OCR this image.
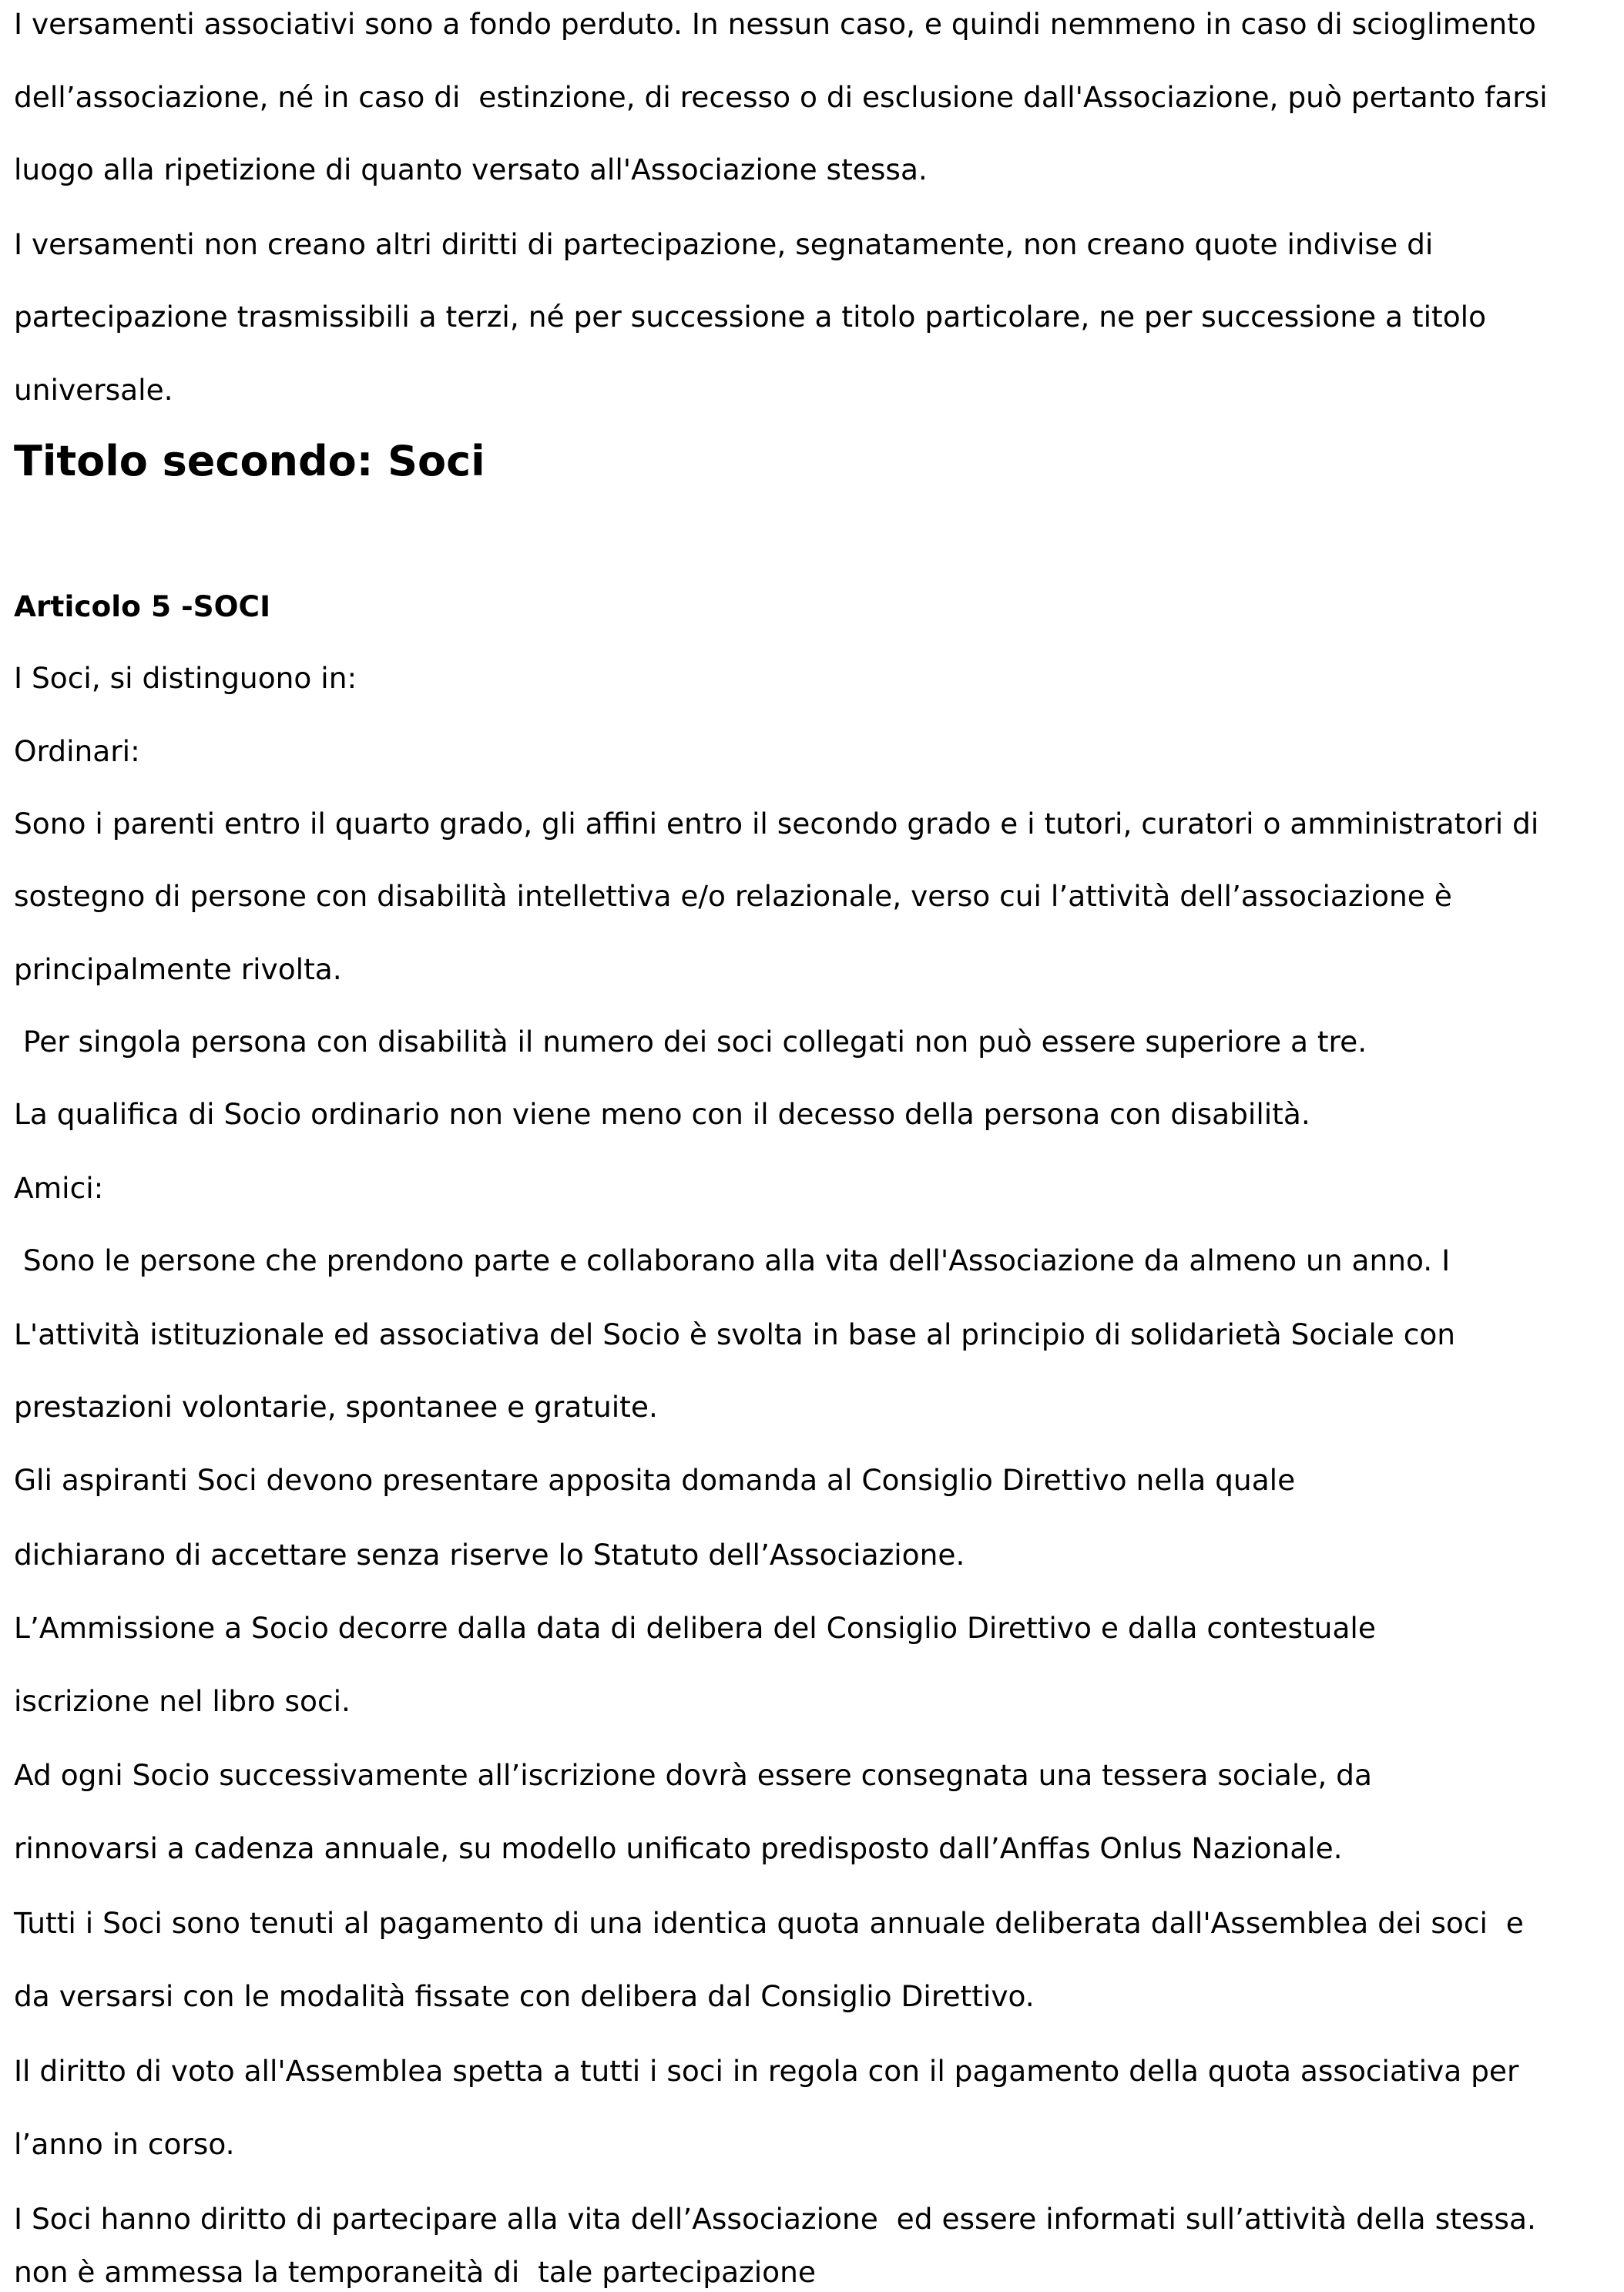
I versamenti associativi sono a fondo perduto. In nessun caso, e quindi nemmeno in caso di scioglimento

dell’associazione, né in caso di  estinzione, di recesso o di esclusione dall'Associazione, può pertanto farsi

luogo alla ripetizione di quanto versato all'Associazione stessa.

I versamenti non creano altri diritti di partecipazione, segnatamente, non creano quote indivise di

partecipazione trasmissibili a terzi, né per successione a titolo particolare, ne per successione a titolo

universale.

Titolo secondo: Soci
Articolo 5 -SOCI

I Soci, si distinguono in:

Ordinari:

Sono i parenti entro il quarto grado, gli affini entro il secondo grado e i tutori, curatori o amministratori di

sostegno di persone con disabilità intellettiva e/o relazionale, verso cui l’attività dell’associazione è

principalmente rivolta.

Per singola persona con disabilità il numero dei soci collegati non può essere superiore a tre.

La qualifica di Socio ordinario non viene meno con il decesso della persona con disabilità.

Amici:

Sono le persone che prendono parte e collaborano alla vita dell'Associazione da almeno un anno. I

L'attività istituzionale ed associativa del Socio è svolta in base al principio di solidarietà Sociale con

prestazioni volontarie, spontanee e gratuite.

Gli aspiranti Soci devono presentare apposita domanda al Consiglio Direttivo nella quale

dichiarano di accettare senza riserve lo Statuto dell’Associazione.

L’Ammissione a Socio decorre dalla data di delibera del Consiglio Direttivo e dalla contestuale

iscrizione nel libro soci.

Ad ogni Socio successivamente all’iscrizione dovrà essere consegnata una tessera sociale, da

rinnovarsi a cadenza annuale, su modello unificato predisposto dall’Anffas Onlus Nazionale.

Tutti i Soci sono tenuti al pagamento di una identica quota annuale deliberata dall'Assemblea dei soci  e

da versarsi con le modalità fissate con delibera dal Consiglio Direttivo.

Il diritto di voto all'Assemblea spetta a tutti i soci in regola con il pagamento della quota associativa per

l’anno in corso.

I Soci hanno diritto di partecipare alla vita dell’Associazione  ed essere informati sull’attività della stessa.

non è ammessa la temporaneità di  tale partecipazione
